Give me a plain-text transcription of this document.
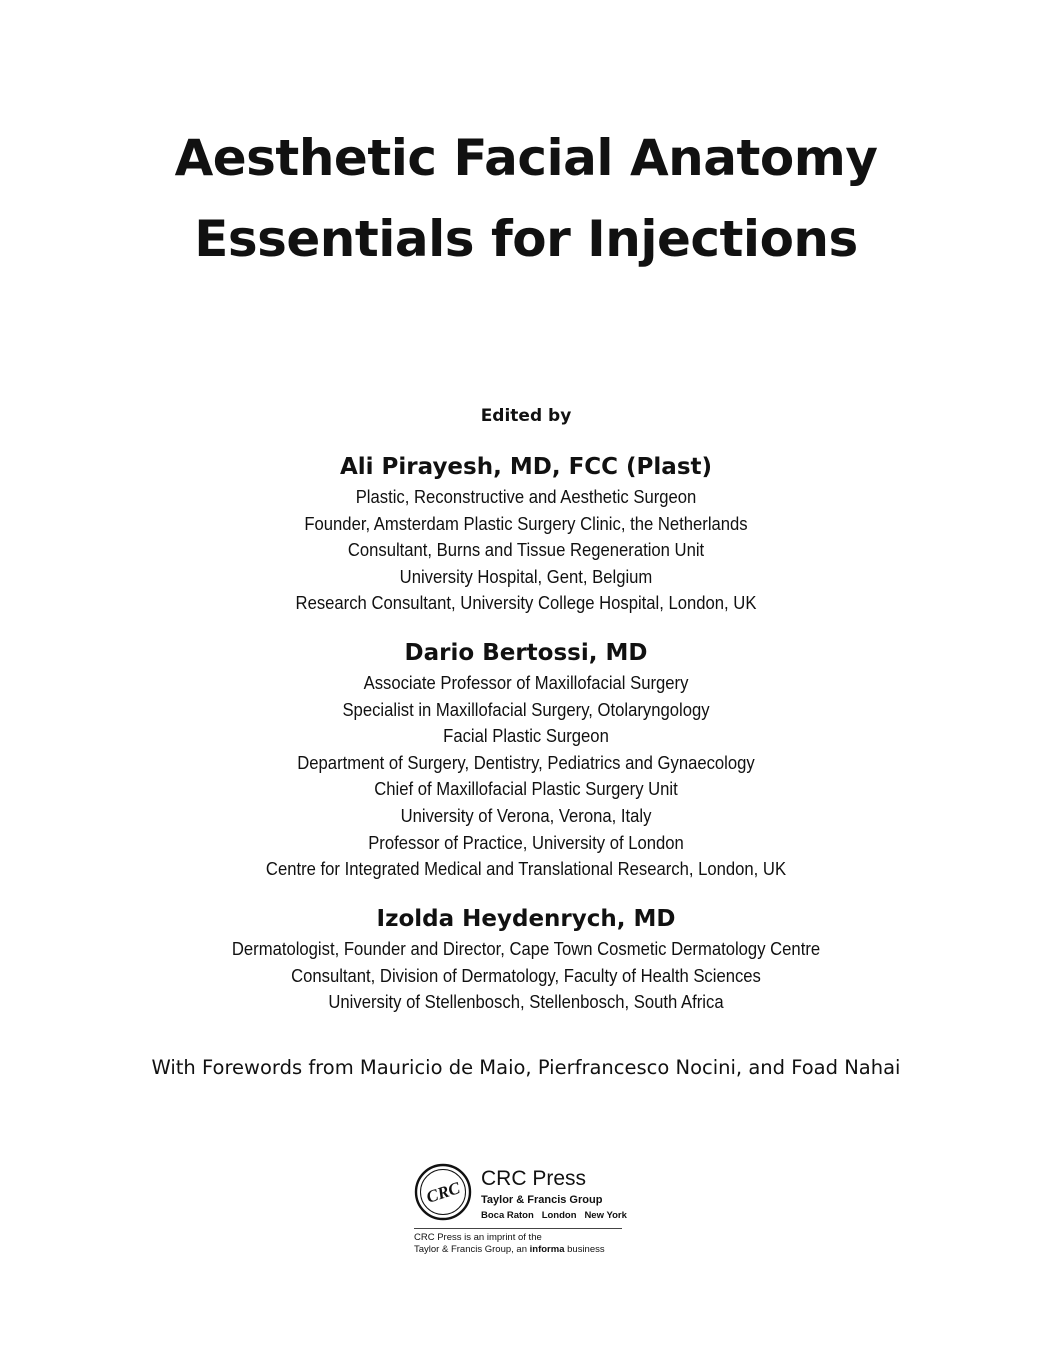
Aesthetic Facial Anatomy
Essentials for Injections
Edited by
Ali Pirayesh, MD, FCC (Plast)
Plastic, Reconstructive and Aesthetic Surgeon
Founder, Amsterdam Plastic Surgery Clinic, the Netherlands
Consultant, Burns and Tissue Regeneration Unit
University Hospital, Gent, Belgium
Research Consultant, University College Hospital, London, UK
Dario Bertossi, MD
Associate Professor of Maxillofacial Surgery
Specialist in Maxillofacial Surgery, Otolaryngology
Facial Plastic Surgeon
Department of Surgery, Dentistry, Pediatrics and Gynaecology
Chief of Maxillofacial Plastic Surgery Unit
University of Verona, Verona, Italy
Professor of Practice, University of London
Centre for Integrated Medical and Translational Research, London, UK
Izolda Heydenrych, MD
Dermatologist, Founder and Director, Cape Town Cosmetic Dermatology Centre
Consultant, Division of Dermatology, Faculty of Health Sciences
University of Stellenbosch, Stellenbosch, South Africa
With Forewords from Mauricio de Maio, Pierfrancesco Nocini, and Foad Nahai
CRC CRC Press
Taylor & Francis Group
Boca Raton   London   New York
CRC Press is an imprint of the
Taylor & Francis Group, an informa business
